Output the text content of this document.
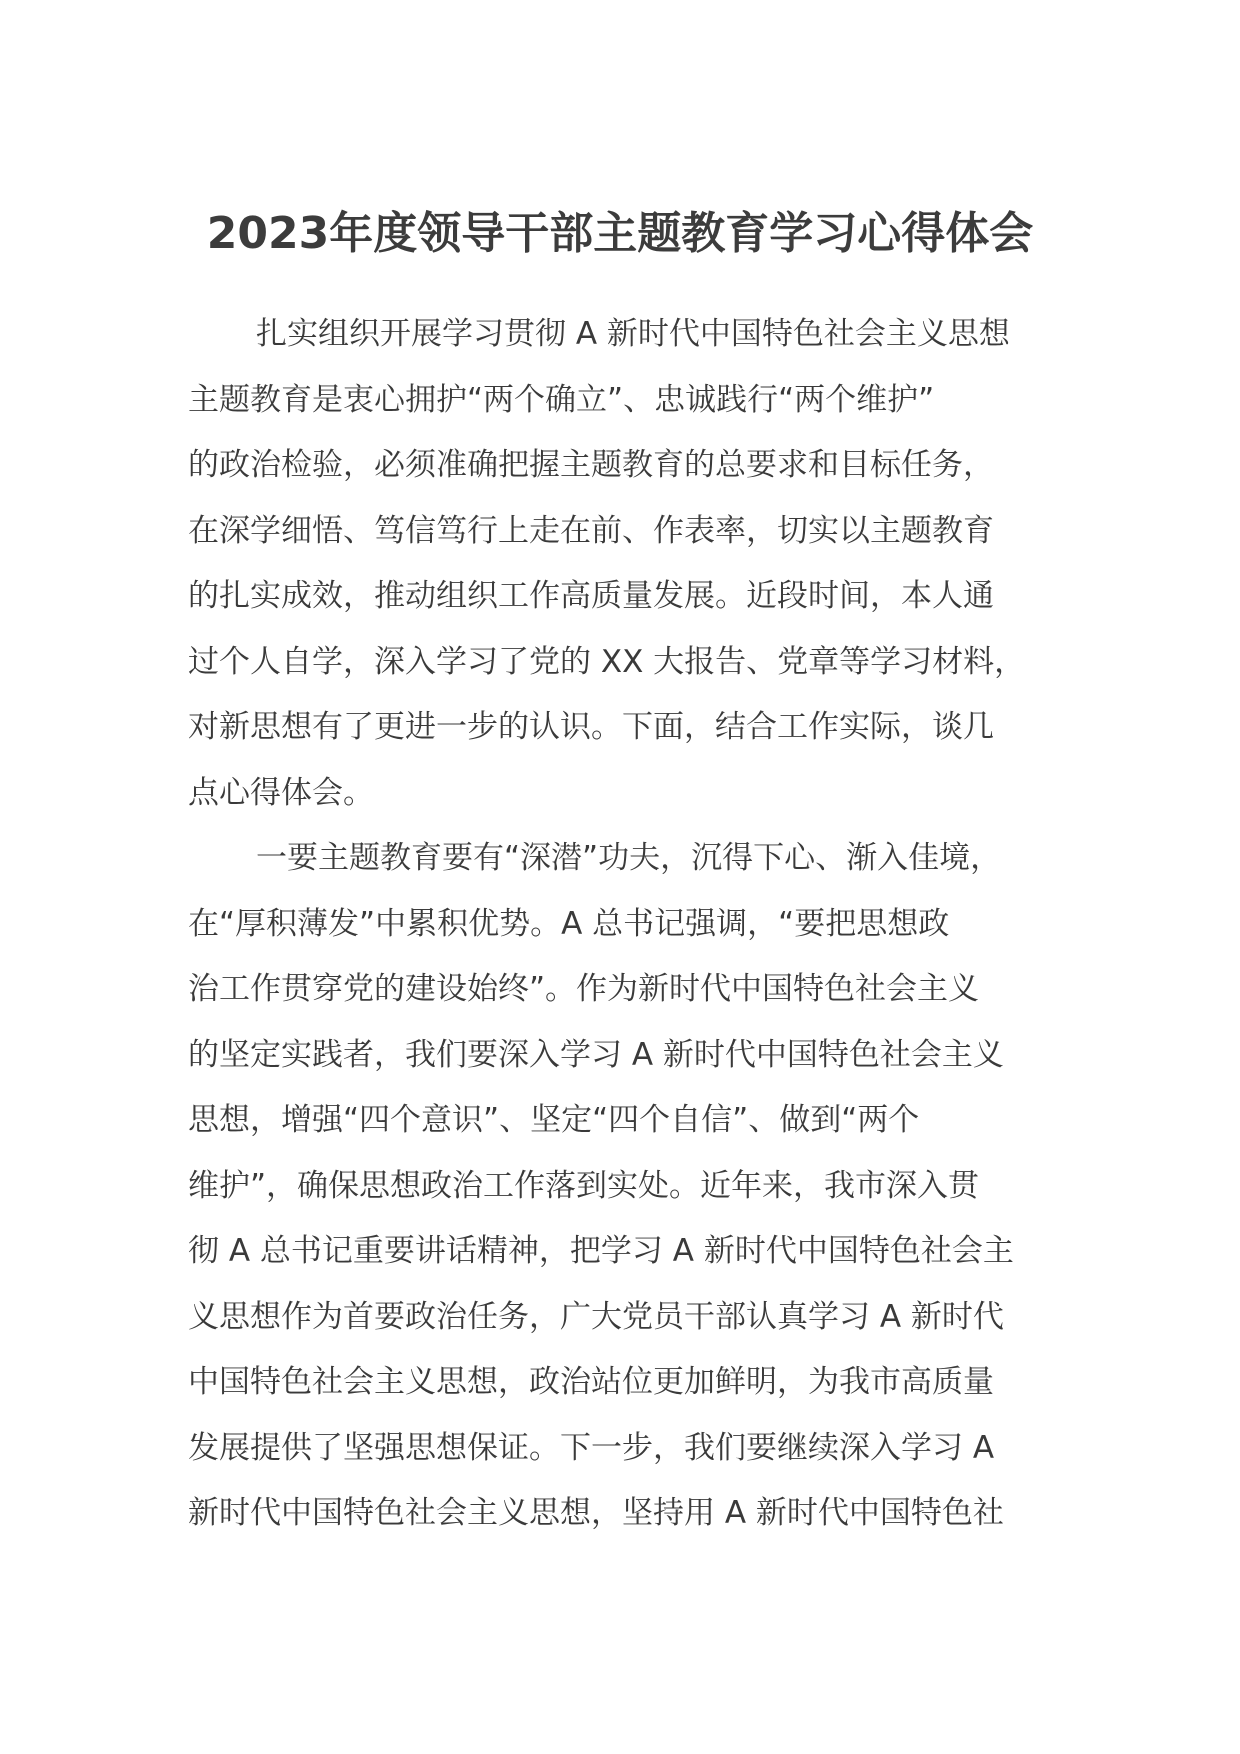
2023年度领导干部主题教育学习心得体会

扎实组织开展学习贯彻 A 新时代中国特色社会主义思想
主题教育是衷心拥护“两个确立”、忠诚践行“两个维护”
的政治检验，必须准确把握主题教育的总要求和目标任务，
在深学细悟、笃信笃行上走在前、作表率，切实以主题教育
的扎实成效，推动组织工作高质量发展。近段时间，本人通
过个人自学，深入学习了党的 XX 大报告、党章等学习材料，
对新思想有了更进一步的认识。下面，结合工作实际，谈几
点心得体会。

一要主题教育要有“深潜”功夫，沉得下心、渐入佳境，
在“厚积薄发”中累积优势。A 总书记强调，“要把思想政
治工作贯穿党的建设始终”。作为新时代中国特色社会主义
的坚定实践者，我们要深入学习 A 新时代中国特色社会主义
思想，增强“四个意识”、坚定“四个自信”、做到“两个
维护”，确保思想政治工作落到实处。近年来，我市深入贯
彻 A 总书记重要讲话精神，把学习 A 新时代中国特色社会主
义思想作为首要政治任务，广大党员干部认真学习 A 新时代
中国特色社会主义思想，政治站位更加鲜明，为我市高质量
发展提供了坚强思想保证。下一步，我们要继续深入学习 A
新时代中国特色社会主义思想，坚持用 A 新时代中国特色社
